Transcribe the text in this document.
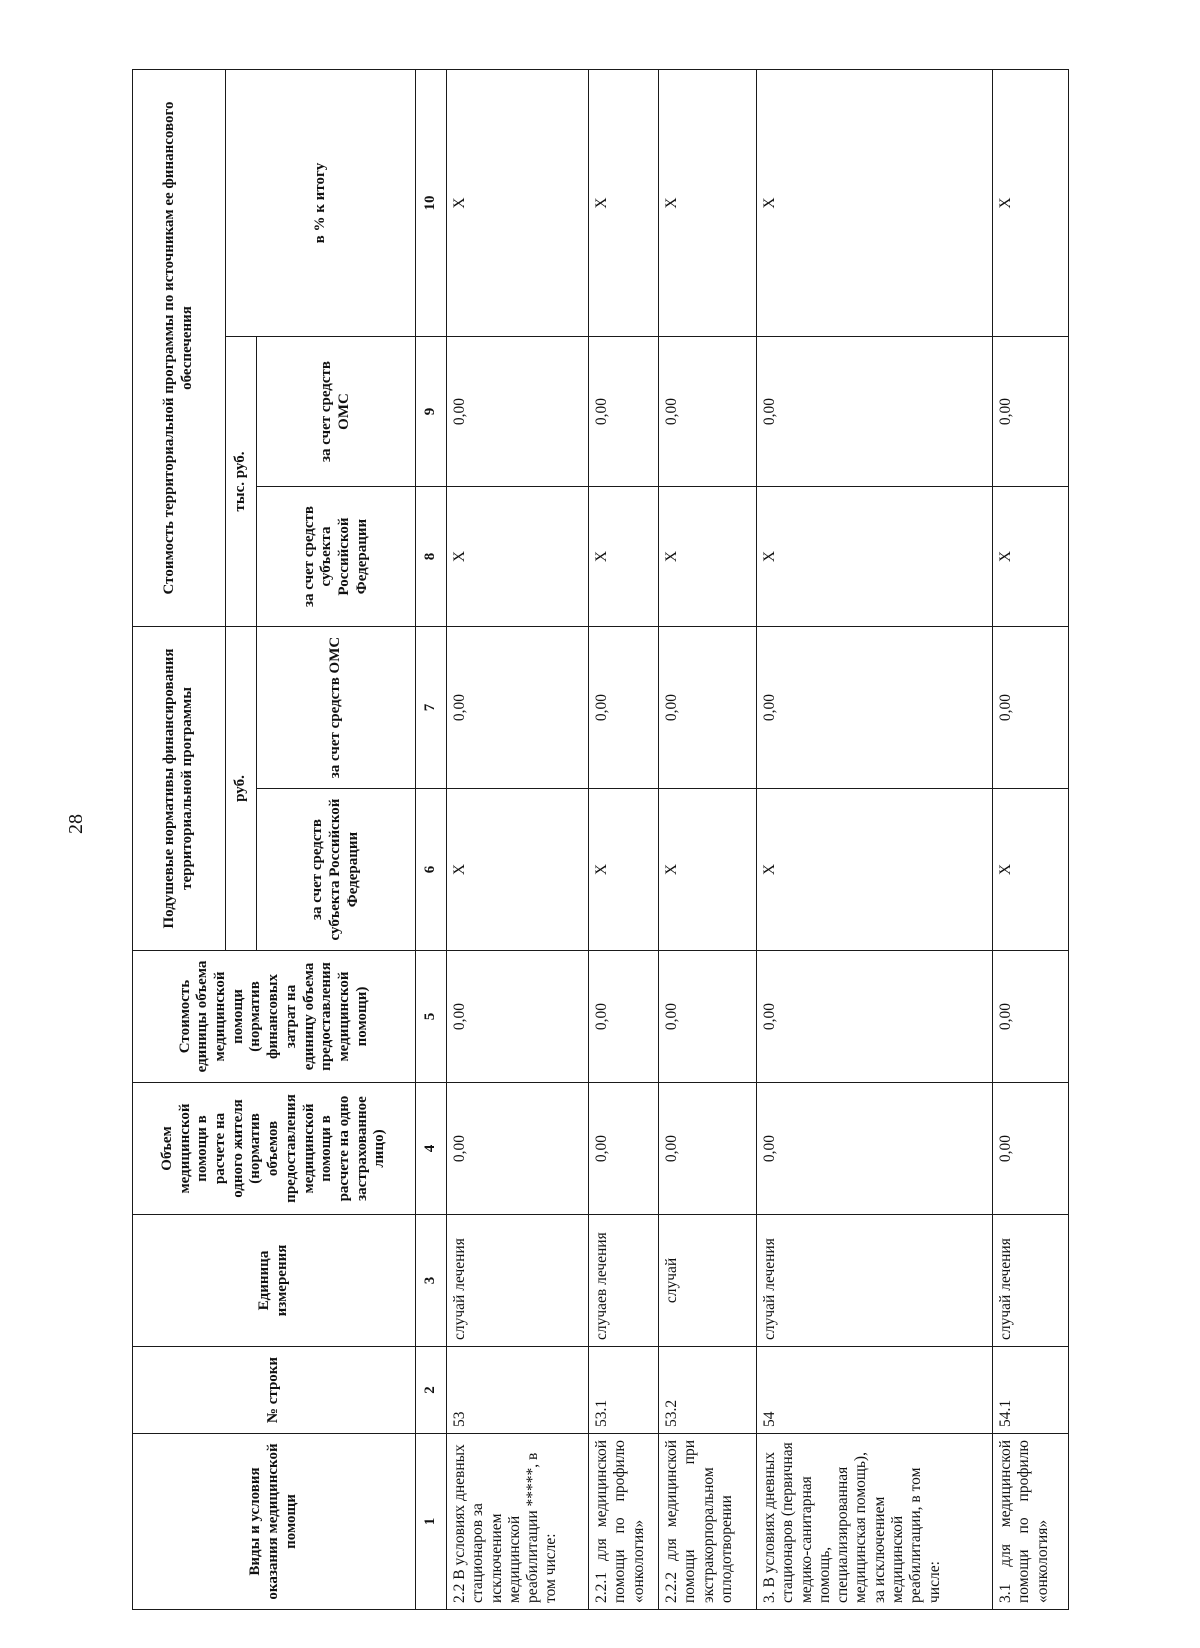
28
Виды и условия оказания медицинской помощи	№ строки	Единица измерения	Объем медицинской помощи в расчете на одного жителя (норматив объемов предоставления медицинской помощи в расчете на одно застрахованное лицо)	Стоимость единицы объема медицинской помощи (норматив финансовых затрат на единицу объема предоставления медицинской помощи)	Подушевые нормативы финансирования территориальной программы		Стоимость территориальной программы по источникам ее финансового обеспечения		
					руб.		тыс. руб.		в % к итогу
					за счет средств субъекта Российской Федерации	за счет средств ОМС	за счет средств субъекта Российской Федерации	за счет средств ОМС	
1	2	3	4	5	6	7	8	9	10
2.2 В условиях дневных стационаров за исключением медицинской реабилитации *****, в том числе:	53	случай лечения	0,00	0,00	X	0,00	X	0,00	X
2.2.1 для медицинской помощи по профилю «онкология»	53.1	случаев лечения	0,00	0,00	X	0,00	X	0,00	X
2.2.2 для медицинской помощи при экстракорпоральном оплодотворении	53.2	случай	0,00	0,00	X	0,00	X	0,00	X
3. В условиях дневных стационаров (первичная медико-санитарная помощь, специализированная медицинская помощь), за исключением медицинской реабилитации, в том числе:	54	случай лечения	0,00	0,00	X	0,00	X	0,00	X
3.1 для медицинской помощи по профилю «онкология»	54.1	случай лечения	0,00	0,00	X	0,00	X	0,00	X
